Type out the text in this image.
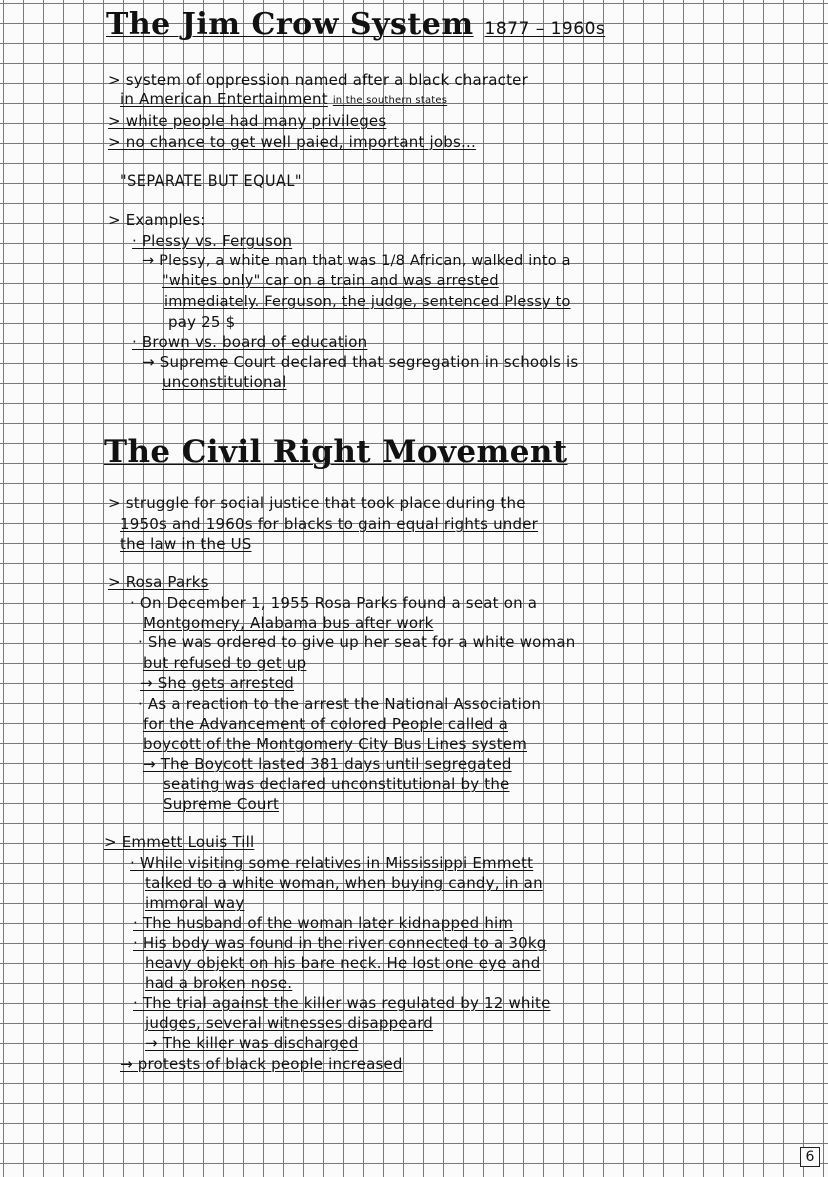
The Jim Crow System 1877 – 1960s

> system of oppression named after a black character

in American Entertainment in the southern states

> white people had many privileges

> no chance to get well paied, important jobs...

"SEPARATE BUT EQUAL"

> Examples:

· Plessy vs. Ferguson

→ Plessy, a white man that was 1/8 African, walked into a

"whites only" car on a train and was arrested

immediately. Ferguson, the judge, sentenced Plessy to

pay 25 $

· Brown vs. board of education

→ Supreme Court declared that segregation in schools is

unconstitutional

The Civil Right Movement

> struggle for social justice that took place during the

1950s and 1960s for blacks to gain equal rights under

the law in the US

> Rosa Parks

· On December 1, 1955 Rosa Parks found a seat on a

Montgomery, Alabama bus after work

· She was ordered to give up her seat for a white woman

but refused to get up

→ She gets arrested

· As a reaction to the arrest the National Association

for the Advancement of colored People called a

boycott of the Montgomery City Bus Lines system

→ The Boycott lasted 381 days until segregated

seating was declared unconstitutional by the

Supreme Court

> Emmett Louis Till

· While visiting some relatives in Mississippi Emmett

talked to a white woman, when buying candy, in an

immoral way

· The husband of the woman later kidnapped him

· His body was found in the river connected to a 30kg

heavy objekt on his bare neck. He lost one eye and

had a broken nose.

· The trial against the killer was regulated by 12 white

judges, several witnesses disappeard

→ The killer was discharged

→ protests of black people increased

6
